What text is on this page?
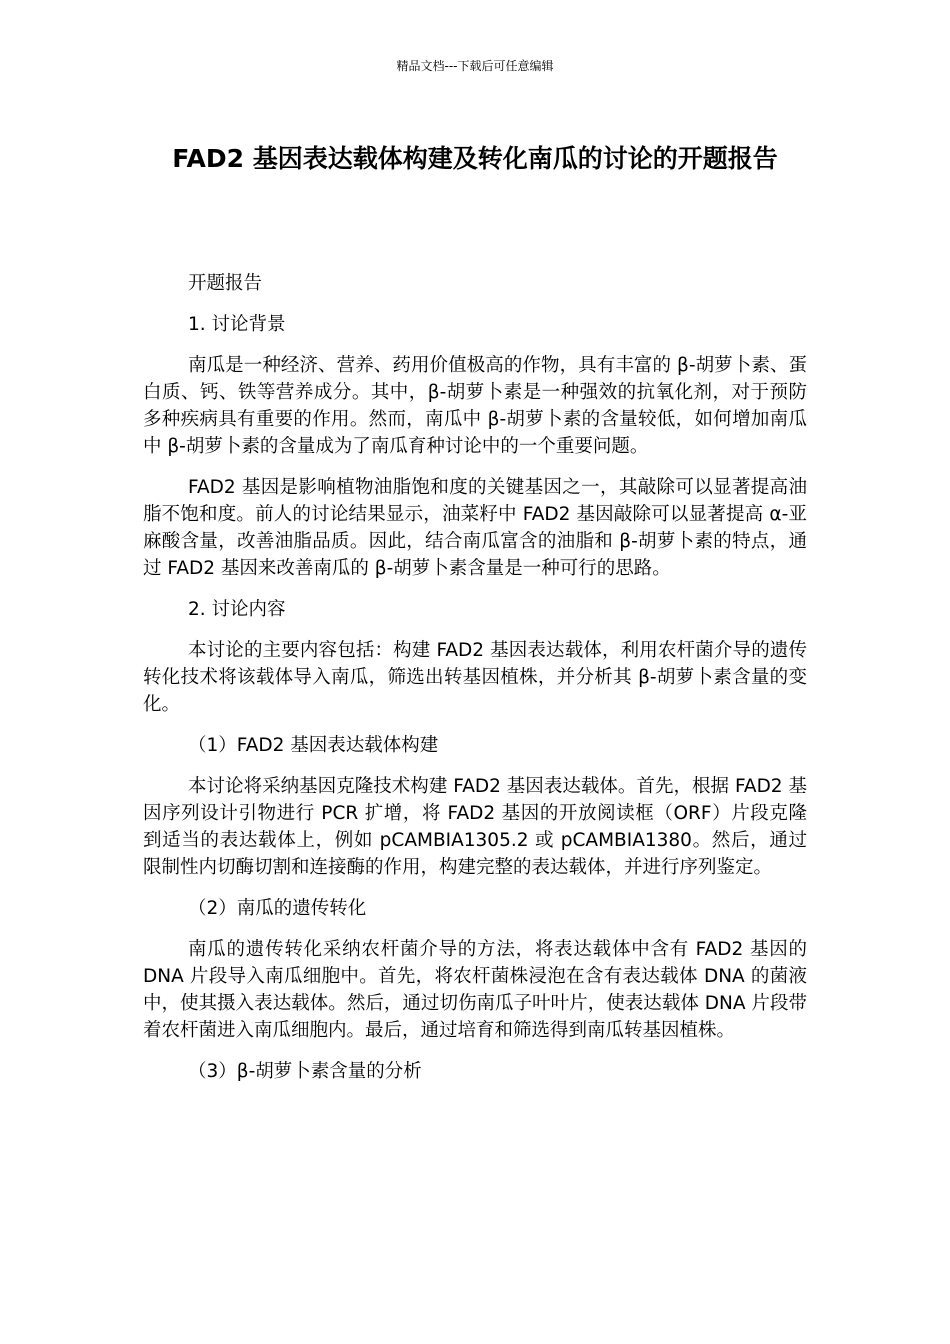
精品文档---下载后可任意编辑
FAD2 基因表达载体构建及转化南瓜的讨论的开题报告

开题报告

1. 讨论背景

南瓜是一种经济、营养、药用价值极高的作物，具有丰富的 β-胡萝卜素、蛋白质、钙、铁等营养成分。其中，β-胡萝卜素是一种强效的抗氧化剂，对于预防多种疾病具有重要的作用。然而，南瓜中 β-胡萝卜素的含量较低，如何增加南瓜中 β-胡萝卜素的含量成为了南瓜育种讨论中的一个重要问题。

FAD2 基因是影响植物油脂饱和度的关键基因之一，其敲除可以显著提高油脂不饱和度。前人的讨论结果显示，油菜籽中 FAD2 基因敲除可以显著提高 α-亚麻酸含量，改善油脂品质。因此，结合南瓜富含的油脂和 β-胡萝卜素的特点，通过 FAD2 基因来改善南瓜的 β-胡萝卜素含量是一种可行的思路。

2. 讨论内容

本讨论的主要内容包括：构建 FAD2 基因表达载体，利用农杆菌介导的遗传转化技术将该载体导入南瓜，筛选出转基因植株，并分析其 β-胡萝卜素含量的变化。

（1）FAD2 基因表达载体构建

本讨论将采纳基因克隆技术构建 FAD2 基因表达载体。首先，根据 FAD2 基因序列设计引物进行 PCR 扩增，将 FAD2 基因的开放阅读框（ORF）片段克隆到适当的表达载体上，例如 pCAMBIA1305.2 或 pCAMBIA1380。然后，通过限制性内切酶切割和连接酶的作用，构建完整的表达载体，并进行序列鉴定。

（2）南瓜的遗传转化

南瓜的遗传转化采纳农杆菌介导的方法，将表达载体中含有 FAD2 基因的 DNA 片段导入南瓜细胞中。首先，将农杆菌株浸泡在含有表达载体 DNA 的菌液中，使其摄入表达载体。然后，通过切伤南瓜子叶叶片，使表达载体 DNA 片段带着农杆菌进入南瓜细胞内。最后，通过培育和筛选得到南瓜转基因植株。

（3）β-胡萝卜素含量的分析
